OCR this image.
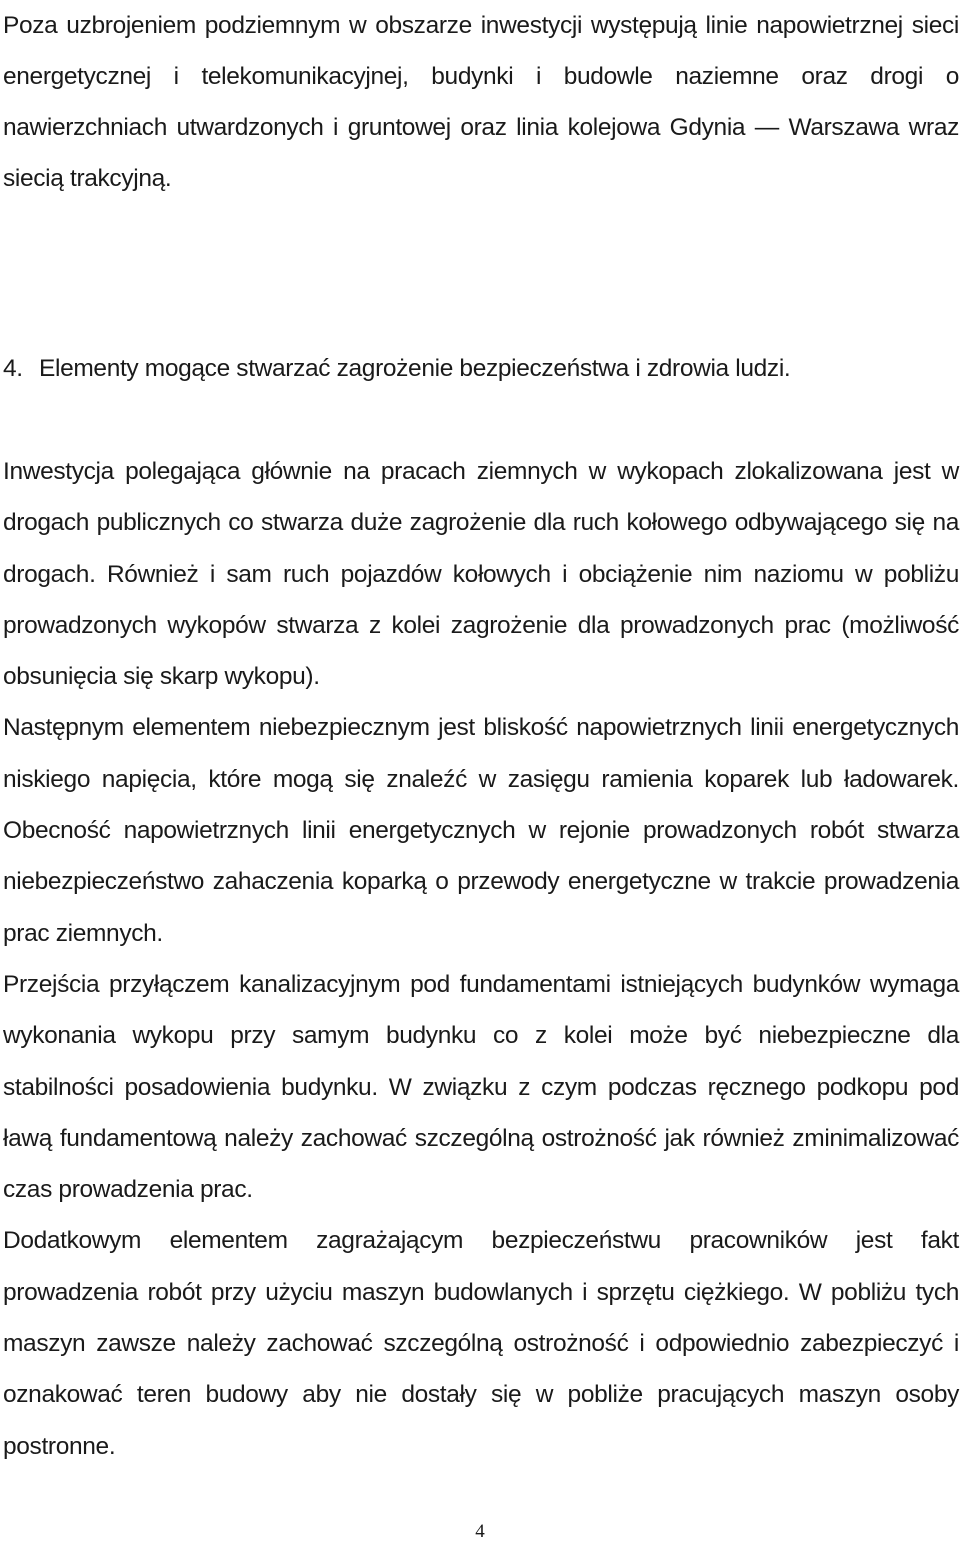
Poza uzbrojeniem podziemnym w obszarze inwestycji występują linie napowietrznej sieci energetycznej i telekomunikacyjnej, budynki i budowle naziemne oraz drogi o nawierzchniach utwardzonych i gruntowej oraz linia kolejowa Gdynia — Warszawa wraz siecią trakcyjną.
4. Elementy mogące stwarzać zagrożenie bezpieczeństwa i zdrowia ludzi.

Inwestycja polegająca głównie na pracach ziemnych w wykopach zlokalizowana jest w drogach publicznych co stwarza duże zagrożenie dla ruch kołowego odbywającego się na drogach. Również i sam ruch pojazdów kołowych i obciążenie nim naziomu w pobliżu prowadzonych wykopów stwarza z kolei zagrożenie dla prowadzonych prac (możliwość obsunięcia się skarp wykopu).

Następnym elementem niebezpiecznym jest bliskość napowietrznych linii energetycznych niskiego napięcia, które mogą się znaleźć w zasięgu ramienia koparek lub ładowarek. Obecność napowietrznych linii energetycznych w rejonie prowadzonych robót stwarza niebezpieczeństwo zahaczenia koparką o przewody energetyczne w trakcie prowadzenia prac ziemnych.

Przejścia przyłączem kanalizacyjnym pod fundamentami istniejących budynków wymaga wykonania wykopu przy samym budynku co z kolei może być niebezpieczne dla stabilności posadowienia budynku. W związku z czym podczas ręcznego podkopu pod ławą fundamentową należy zachować szczególną ostrożność jak również zminimalizować czas prowadzenia prac.

Dodatkowym elementem zagrażającym bezpieczeństwu pracowników jest fakt prowadzenia robót przy użyciu maszyn budowlanych i sprzętu ciężkiego. W pobliżu tych maszyn zawsze należy zachować szczególną ostrożność i odpowiednio zabezpieczyć i oznakować teren budowy aby nie dostały się w pobliże pracujących maszyn osoby postronne.

4
